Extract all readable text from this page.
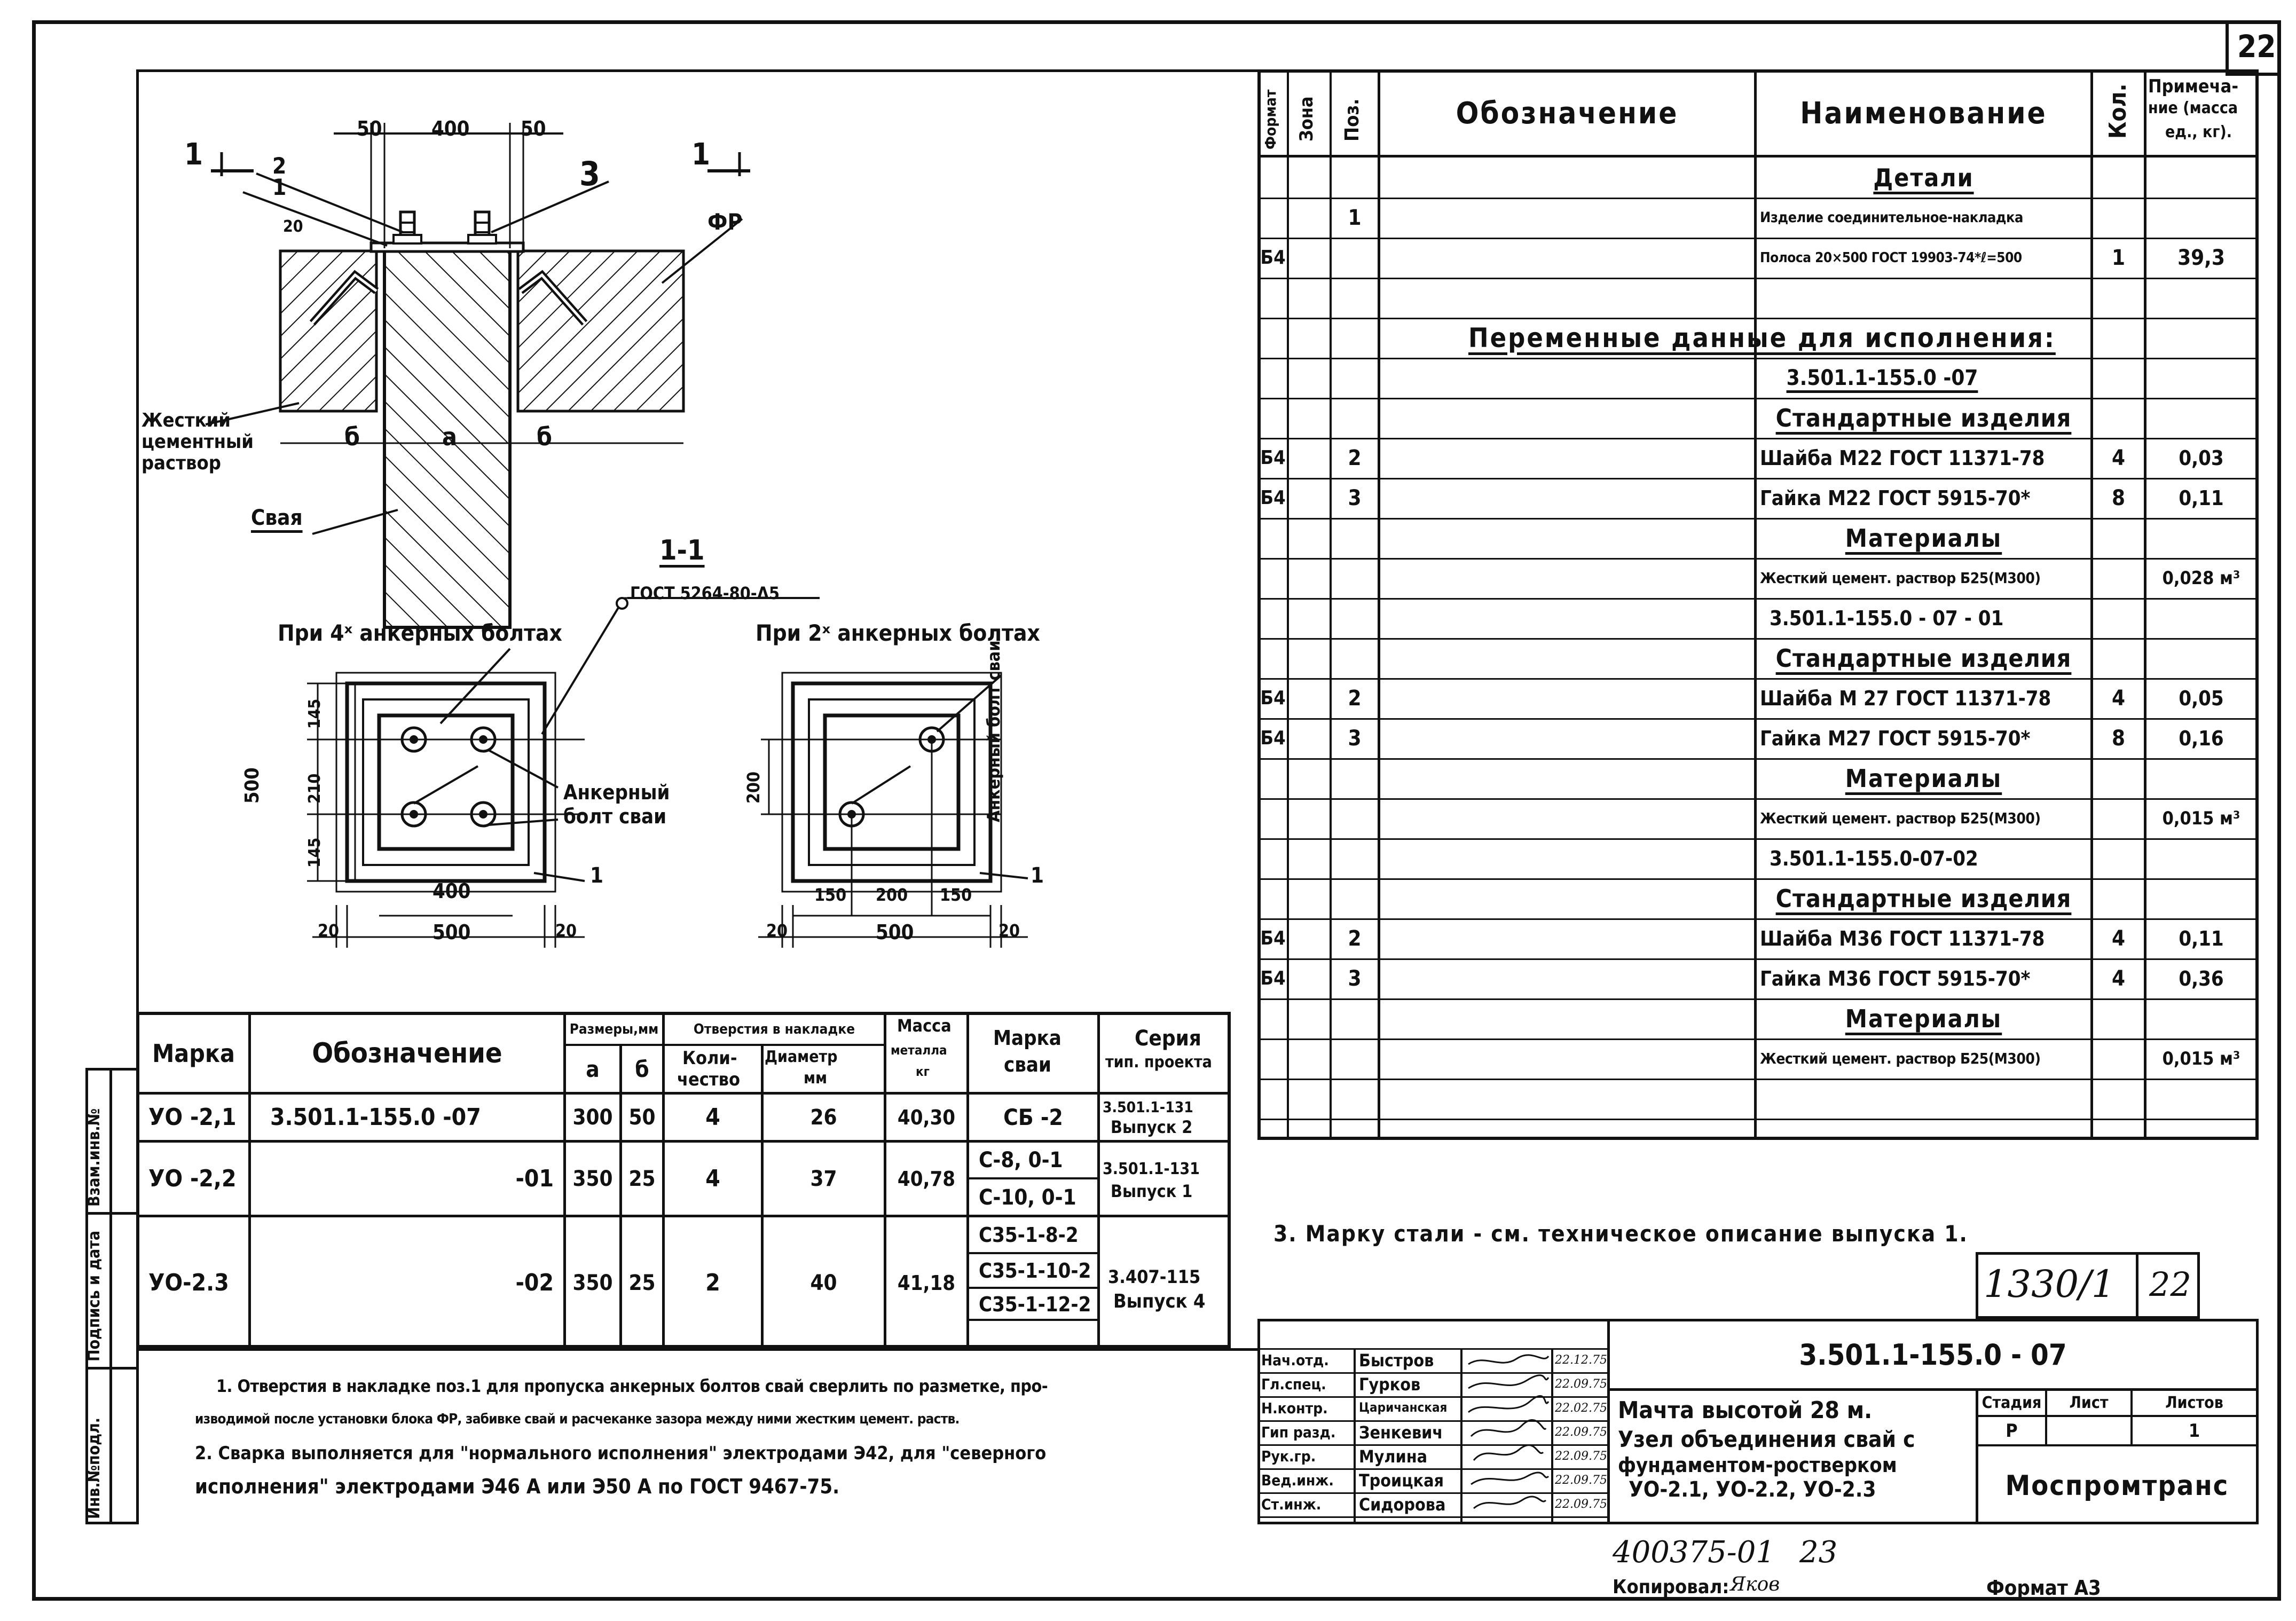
22
Инв.№подл.
Подпись и дата
Взам.инв.№
1	1
50 400	50
2
1	3
20	ФР
Жесткий
цементный
раствор
б	а	б
Свая
1-1
ГОСТ 5264-80-Δ5
При 4ˣ анкерных болтах	При 2ˣ анкерных болтах
Анкерный
болт сваи	Анкерный болт сваи
145
210
145
500
400
20	500	20
1
200
150 200 150
20	500	20
1
Марка	Обозначение
Размеры,мм
а	б
Отверстия в накладке
Коли-
чество
Диаметр
мм
Масса
металла
кг
Марка
сваи
Серия
тип. проекта
УО -2,1	3.501.1-155.0 -07	300 50	4	26	40,30	СБ -2	3.501.1-131
Выпуск 2
УО -2,2	-01 350 25	4	37	40,78
С-8, 0-1
С-10, 0-1
3.501.1-131
Выпуск 1
УО-2.3	-02 350 25	2	40	41,18
С35-1-8-2
С35-1-10-2
С35-1-12-2
3.407-115
Выпуск 4
1. Отверстия в накладке поз.1 для пропуска анкерных болтов свай сверлить по разметке, про-
изводимой после установки блока ФР, забивке свай и расчеканке зазора между ними жестким цемент. раств.
2. Сварка выполняется для "нормального исполнения" электродами Э42, для "северного
исполнения" электродами Э46 А или Э50 А по ГОСТ 9467-75.
Формат Зона Поз.	Обозначение	Наименование	Кол. Примеча-
ние (масса
ед., кг).
Детали
1	Изделие соединительное-накладка
Б4	Полоса 20×500 ГОСТ 19903-74*ℓ=500	1	39,3
Переменные данные для исполнения:
3.501.1-155.0 -07
Стандартные изделия
Б4	2	Шайба М22 ГОСТ 11371-78	4	0,03
Б4	3	Гайка М22 ГОСТ 5915-70*	8	0,11
Материалы
Жесткий цемент. раствор Б25(М300)	0,028 м³
3.501.1-155.0 - 07 - 01
Стандартные изделия
Б4	2	Шайба М 27 ГОСТ 11371-78	4	0,05
Б4	3	Гайка М27 ГОСТ 5915-70*	8	0,16
Материалы
Жесткий цемент. раствор Б25(М300)	0,015 м³
3.501.1-155.0-07-02
Стандартные изделия
Б4	2	Шайба М36 ГОСТ 11371-78	4	0,11
Б4	3	Гайка М36 ГОСТ 5915-70*	4	0,36
Материалы
Жесткий цемент. раствор Б25(М300)	0,015 м³
3. Марку стали - см. техническое описание выпуска 1.
1330/1 22
3.501.1-155.0 - 07
Мачта высотой 28 м.
Узел объединения свай с
фундаментом-ростверком
УО-2.1, УО-2.2, УО-2.3
Стадия	Лист	Листов
Р	1
Моспромтранс
Нач.отд. Быстров	22.12.75
Гл.спец. Гурков	22.09.75
Н.контр. Царичанская	22.02.75
Гип разд. Зенкевич	22.09.75
Рук.гр.	Мулина	22.09.75
Вед.инж. Троицкая	22.09.75
Ст.инж. Сидорова	22.09.75
400375-01 23
Копировал: Яков	Формат А3
